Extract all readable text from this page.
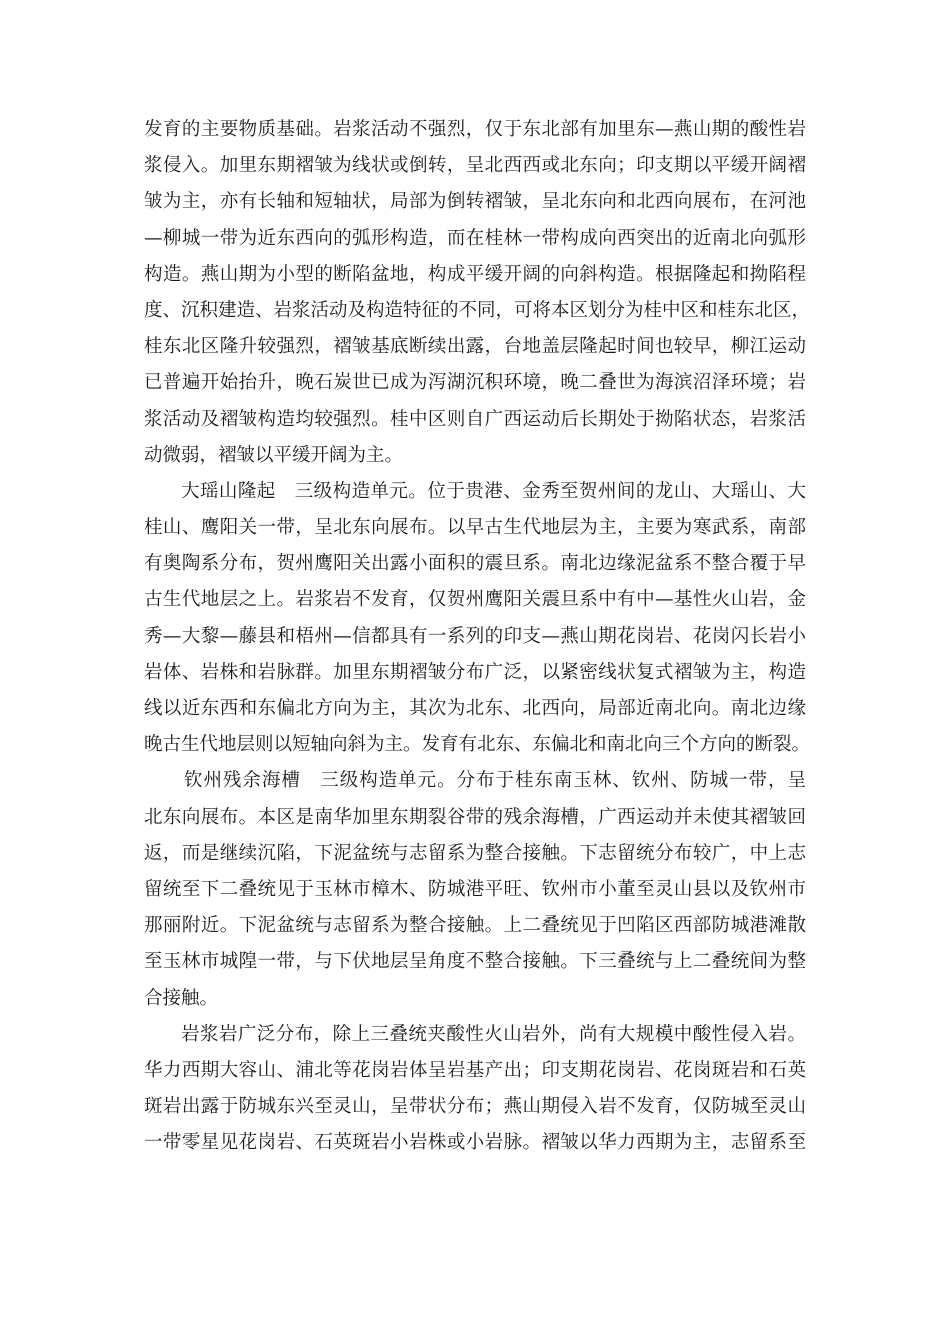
发育的主要物质基础。岩浆活动不强烈，仅于东北部有加里东—燕山期的酸性岩
浆侵入。加里东期褶皱为线状或倒转，呈北西西或北东向；印支期以平缓开阔褶
皱为主，亦有长轴和短轴状，局部为倒转褶皱，呈北东向和北西向展布，在河池
—柳城一带为近东西向的弧形构造，而在桂林一带构成向西突出的近南北向弧形
构造。燕山期为小型的断陷盆地，构成平缓开阔的向斜构造。根据隆起和拗陷程
度、沉积建造、岩浆活动及构造特征的不同，可将本区划分为桂中区和桂东北区，
桂东北区隆升较强烈，褶皱基底断续出露，台地盖层隆起时间也较早，柳江运动
已普遍开始抬升，晚石炭世已成为泻湖沉积环境，晚二叠世为海滨沼泽环境；岩
浆活动及褶皱构造均较强烈。桂中区则自广西运动后长期处于拗陷状态，岩浆活
动微弱，褶皱以平缓开阔为主。
大瑶山隆起　三级构造单元。位于贵港、金秀至贺州间的龙山、大瑶山、大
桂山、鹰阳关一带，呈北东向展布。以早古生代地层为主，主要为寒武系，南部
有奥陶系分布，贺州鹰阳关出露小面积的震旦系。南北边缘泥盆系不整合覆于早
古生代地层之上。岩浆岩不发育，仅贺州鹰阳关震旦系中有中—基性火山岩，金
秀—大黎—藤县和梧州—信都具有一系列的印支—燕山期花岗岩、花岗闪长岩小
岩体、岩株和岩脉群。加里东期褶皱分布广泛，以紧密线状复式褶皱为主，构造
线以近东西和东偏北方向为主，其次为北东、北西向，局部近南北向。南北边缘
晚古生代地层则以短轴向斜为主。发育有北东、东偏北和南北向三个方向的断裂。
钦州残余海槽　三级构造单元。分布于桂东南玉林、钦州、防城一带，呈
北东向展布。本区是南华加里东期裂谷带的残余海槽，广西运动并未使其褶皱回
返，而是继续沉陷，下泥盆统与志留系为整合接触。下志留统分布较广，中上志
留统至下二叠统见于玉林市樟木、防城港平旺、钦州市小董至灵山县以及钦州市
那丽附近。下泥盆统与志留系为整合接触。上二叠统见于凹陷区西部防城港滩散
至玉林市城隍一带，与下伏地层呈角度不整合接触。下三叠统与上二叠统间为整
合接触。
岩浆岩广泛分布，除上三叠统夹酸性火山岩外，尚有大规模中酸性侵入岩。
华力西期大容山、浦北等花岗岩体呈岩基产出；印支期花岗岩、花岗斑岩和石英
斑岩出露于防城东兴至灵山，呈带状分布；燕山期侵入岩不发育，仅防城至灵山
一带零星见花岗岩、石英斑岩小岩株或小岩脉。褶皱以华力西期为主，志留系至
